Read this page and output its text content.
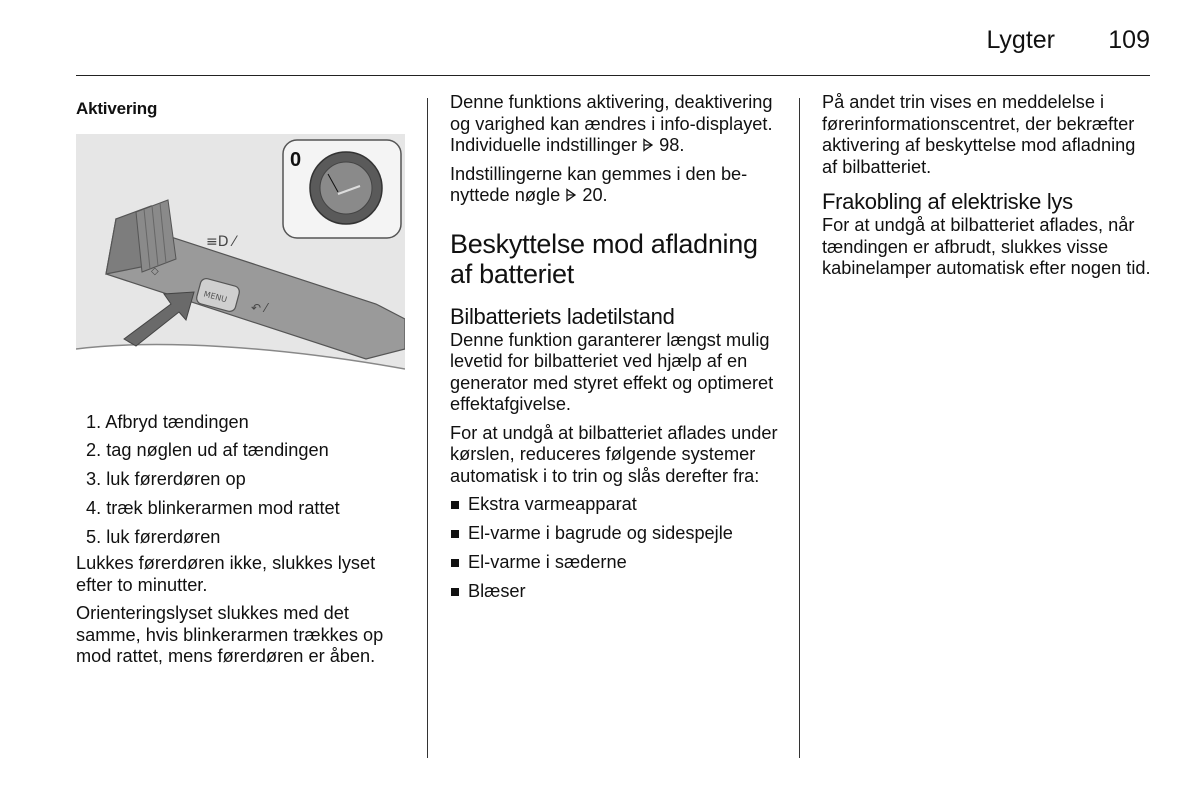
Lygter 109
Aktivering
≡D ⁄
◇
MENU
↶ ⁄
0
1. Afbryd tændingen
2. tag nøglen ud af tændingen
3. luk førerdøren op
4. træk blinkerarmen mod rattet
5. luk førerdøren

Lukkes førerdøren ikke, slukkes lyset efter to minutter.

Orienteringslyset slukkes med det samme, hvis blinkerarmen trækkes op mod rattet, mens førerdøren er åben.

Denne funktions aktivering, deaktivering og varighed kan ændres i info-displayet. Individuelle indstillinger  98.

Indstillingerne kan gemmes i den benyttede nøgle  20.

Beskyttelse mod afladning af batteriet
Bilbatteriets ladetilstand

Denne funktion garanterer længst mulig levetid for bilbatteriet ved hjælp af en generator med styret effekt og optimeret effektafgivelse.

For at undgå at bilbatteriet aflades under kørslen, reduceres følgende systemer automatisk i to trin og slås derefter fra:

Ekstra varmeapparat
El-varme i bagrude og sidespejle
El-varme i sæderne
Blæser

På andet trin vises en meddelelse i førerinformationscentret, der bekræfter aktivering af beskyttelse mod afladning af bilbatteriet.

Frakobling af elektriske lys

For at undgå at bilbatteriet aflades, når tændingen er afbrudt, slukkes visse kabinelamper automatisk efter nogen tid.
